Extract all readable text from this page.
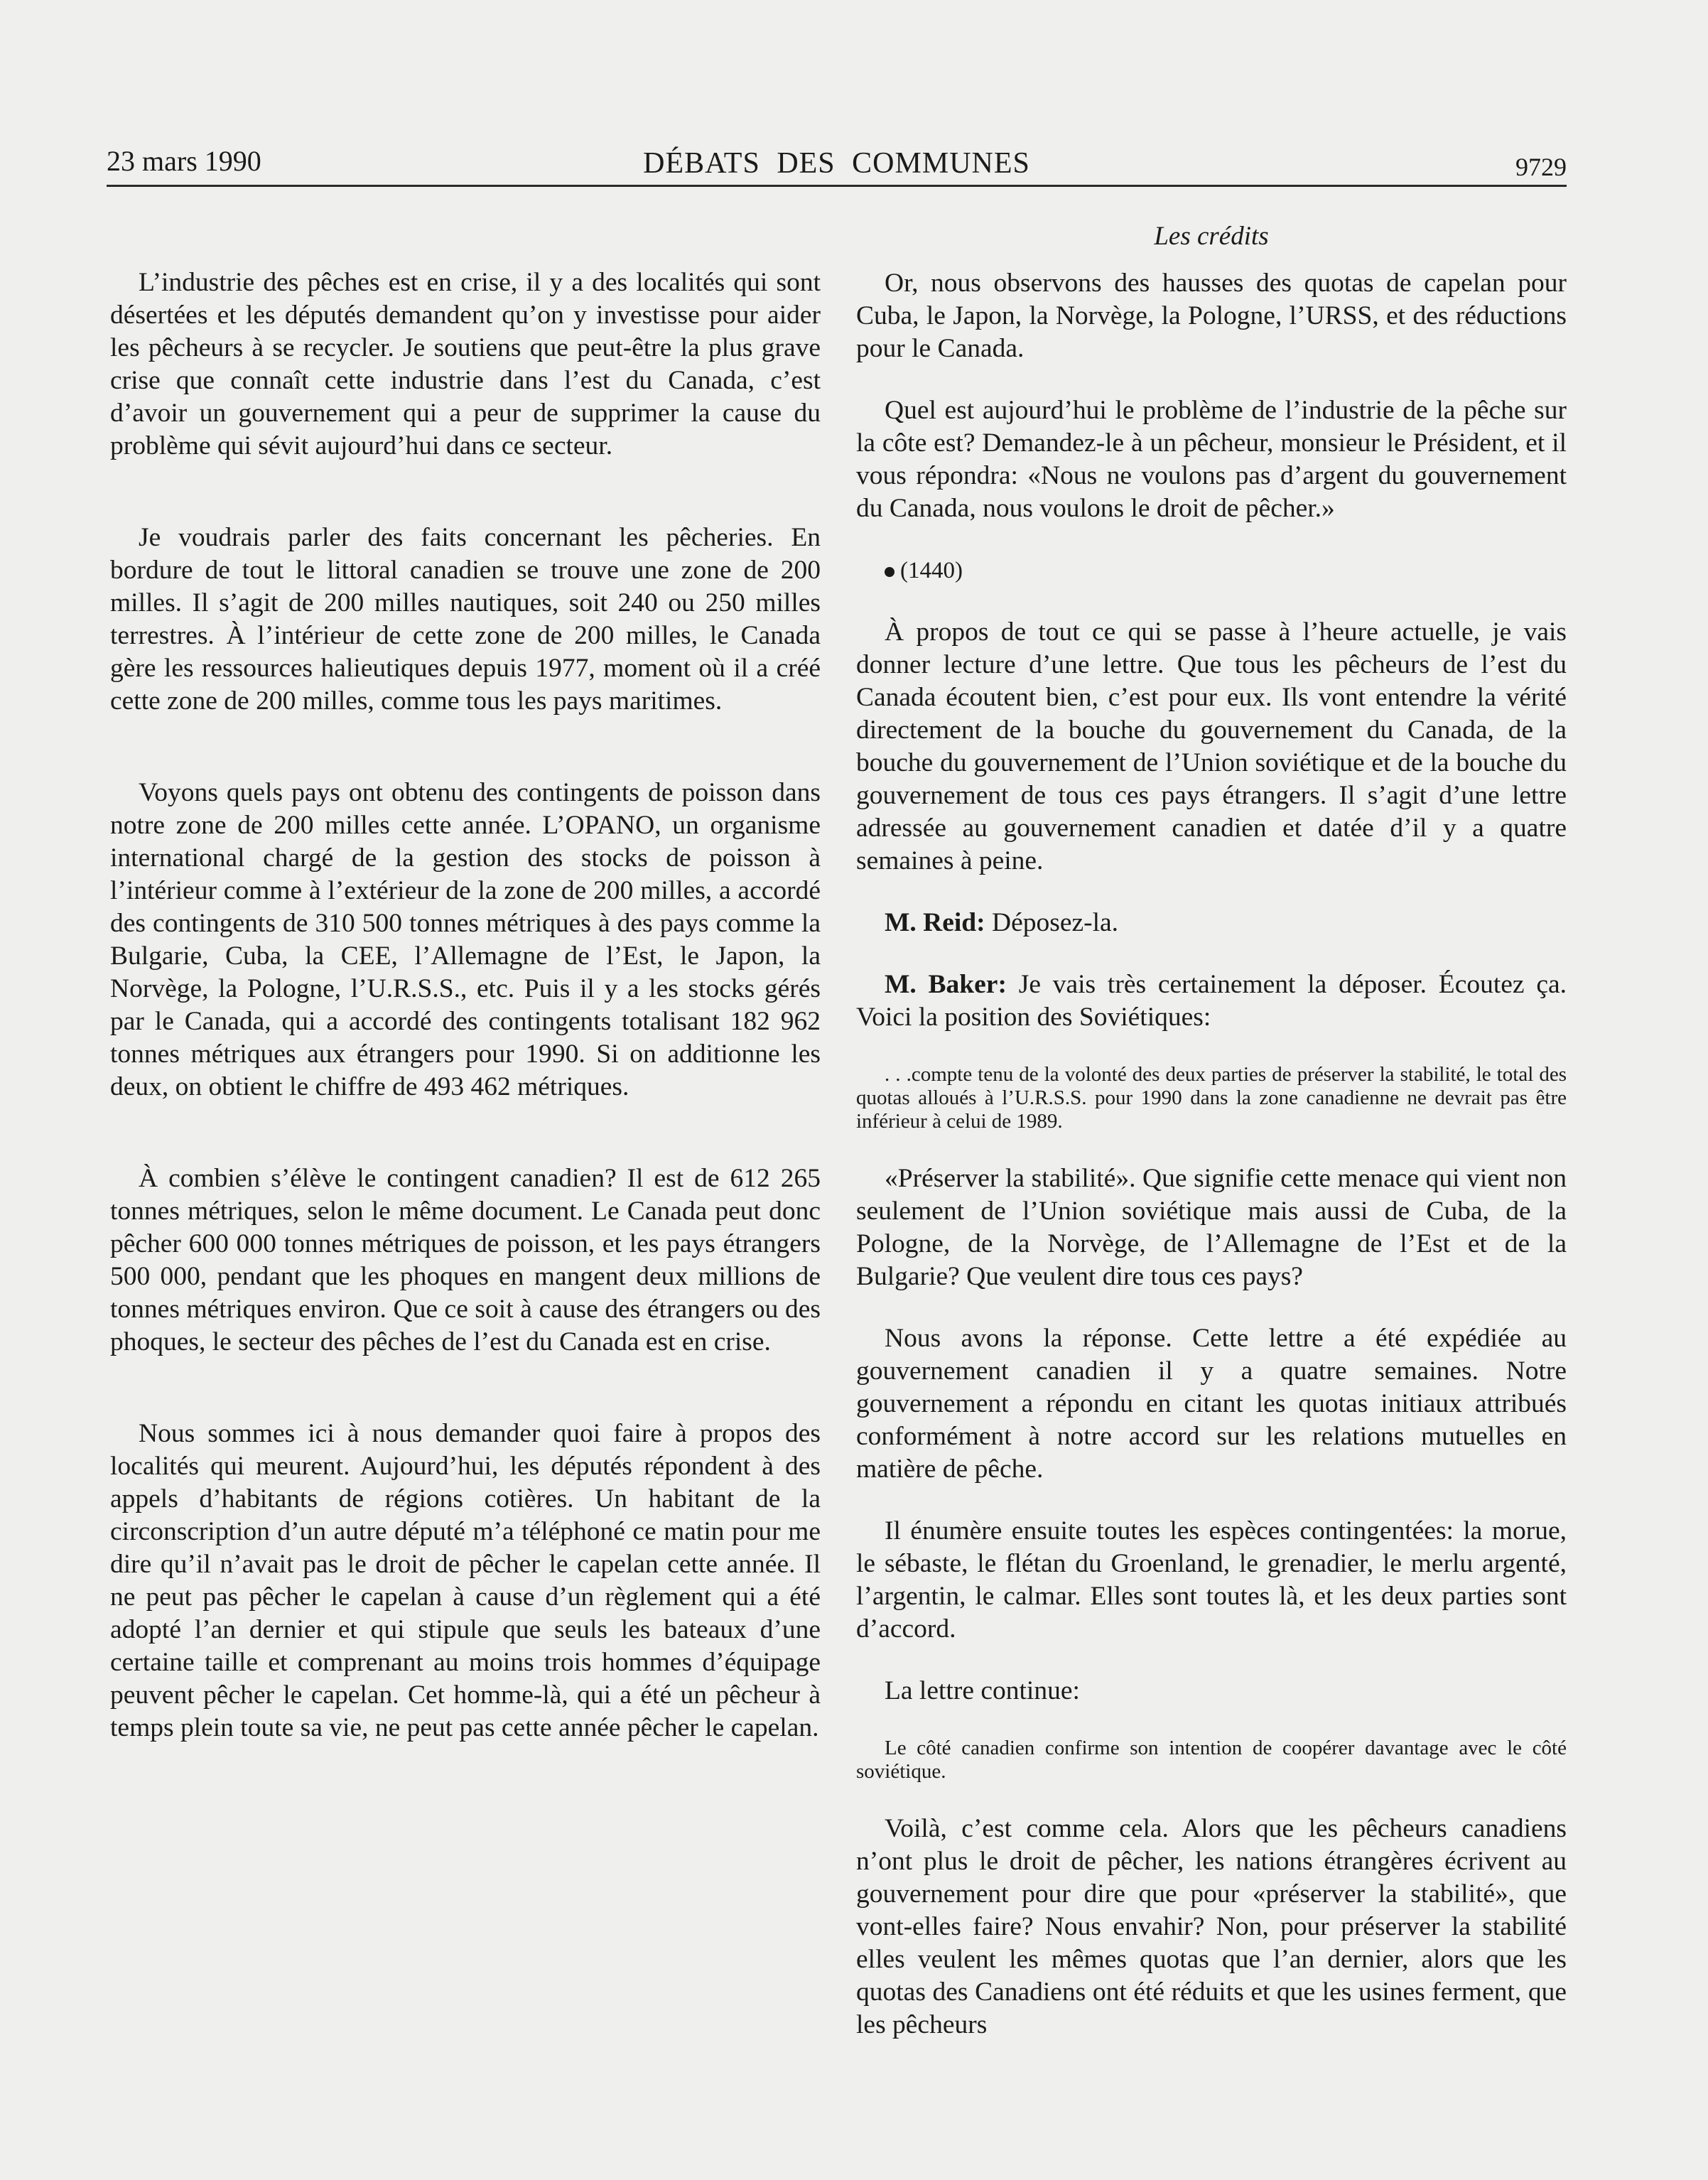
23 mars 1990	DÉBATS DES COMMUNES	9729

L’industrie des pêches est en crise, il y a des localités qui sont désertées et les députés demandent qu’on y investisse pour aider les pêcheurs à se recycler. Je soutiens que peut-être la plus grave crise que connaît cette industrie dans l’est du Canada, c’est d’avoir un gouvernement qui a peur de supprimer la cause du problème qui sévit aujourd’hui dans ce secteur.

Je voudrais parler des faits concernant les pêcheries. En bordure de tout le littoral canadien se trouve une zone de 200 milles. Il s’agit de 200 milles nautiques, soit 240 ou 250 milles terrestres. À l’intérieur de cette zone de 200 milles, le Canada gère les ressources halieutiques depuis 1977, moment où il a créé cette zone de 200 milles, comme tous les pays maritimes.

Voyons quels pays ont obtenu des contingents de poisson dans notre zone de 200 milles cette année. L’OPANO, un organisme international chargé de la gestion des stocks de poisson à l’intérieur comme à l’extérieur de la zone de 200 milles, a accordé des contingents de 310 500 tonnes métriques à des pays comme la Bulgarie, Cuba, la CEE, l’Allemagne de l’Est, le Japon, la Norvège, la Pologne, l’U.R.S.S., etc. Puis il y a les stocks gérés par le Canada, qui a accordé des contingents totalisant 182 962 tonnes métriques aux étrangers pour 1990. Si on additionne les deux, on obtient le chiffre de 493 462 métriques.

À combien s’élève le contingent canadien? Il est de 612 265 tonnes métriques, selon le même document. Le Canada peut donc pêcher 600 000 tonnes métriques de poisson, et les pays étrangers 500 000, pendant que les phoques en mangent deux millions de tonnes métriques environ. Que ce soit à cause des étrangers ou des phoques, le secteur des pêches de l’est du Canada est en crise.

Nous sommes ici à nous demander quoi faire à propos des localités qui meurent. Aujourd’hui, les députés répondent à des appels d’habitants de régions cotières. Un habitant de la circonscription d’un autre député m’a téléphoné ce matin pour me dire qu’il n’avait pas le droit de pêcher le capelan cette année. Il ne peut pas pêcher le capelan à cause d’un règlement qui a été adopté l’an dernier et qui stipule que seuls les bateaux d’une certaine taille et comprenant au moins trois hommes d’équipage peuvent pêcher le capelan. Cet homme-là, qui a été un pêcheur à temps plein toute sa vie, ne peut pas cette année pêcher le capelan.

Les crédits

Or, nous observons des hausses des quotas de capelan pour Cuba, le Japon, la Norvège, la Pologne, l’URSS, et des réductions pour le Canada.

Quel est aujourd’hui le problème de l’industrie de la pêche sur la côte est? Demandez-le à un pêcheur, monsieur le Président, et il vous répondra: «Nous ne voulons pas d’argent du gouvernement du Canada, nous voulons le droit de pêcher.»

(1440)

À propos de tout ce qui se passe à l’heure actuelle, je vais donner lecture d’une lettre. Que tous les pêcheurs de l’est du Canada écoutent bien, c’est pour eux. Ils vont entendre la vérité directement de la bouche du gouvernement du Canada, de la bouche du gouvernement de l’Union soviétique et de la bouche du gouvernement de tous ces pays étrangers. Il s’agit d’une lettre adressée au gouvernement canadien et datée d’il y a quatre semaines à peine.

M. Reid: Déposez-la.

M. Baker: Je vais très certainement la déposer. Écoutez ça. Voici la position des Soviétiques:

. . .compte tenu de la volonté des deux parties de préserver la stabilité, le total des quotas alloués à l’U.R.S.S. pour 1990 dans la zone canadienne ne devrait pas être inférieur à celui de 1989.

«Préserver la stabilité». Que signifie cette menace qui vient non seulement de l’Union soviétique mais aussi de Cuba, de la Pologne, de la Norvège, de l’Allemagne de l’Est et de la Bulgarie? Que veulent dire tous ces pays?

Nous avons la réponse. Cette lettre a été expédiée au gouvernement canadien il y a quatre semaines. Notre gouvernement a répondu en citant les quotas initiaux attribués conformément à notre accord sur les relations mutuelles en matière de pêche.

Il énumère ensuite toutes les espèces contingentées: la morue, le sébaste, le flétan du Groenland, le grenadier, le merlu argenté, l’argentin, le calmar. Elles sont toutes là, et les deux parties sont d’accord.

La lettre continue:

Le côté canadien confirme son intention de coopérer davantage avec le côté soviétique.

Voilà, c’est comme cela. Alors que les pêcheurs canadiens n’ont plus le droit de pêcher, les nations étrangères écrivent au gouvernement pour dire que pour «préserver la stabilité», que vont-elles faire? Nous envahir? Non, pour préserver la stabilité elles veulent les mêmes quotas que l’an dernier, alors que les quotas des Canadiens ont été réduits et que les usines ferment, que les pêcheurs
